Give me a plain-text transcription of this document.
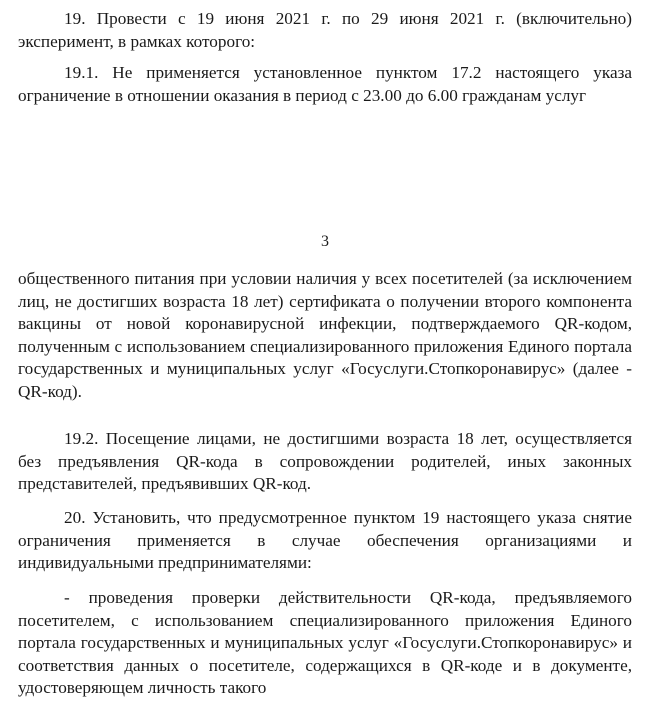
19. Провести с 19 июня 2021 г. по 29 июня 2021 г. (включительно) эксперимент, в рамках которого:

19.1. Не применяется установленное пунктом 17.2 настоящего указа ограничение в отношении оказания в период с 23.00 до 6.00 гражданам услуг

3

общественного питания при условии наличия у всех посетителей (за исключением лиц, не достигших возраста 18 лет) сертификата о получении второго компонента вакцины от новой коронавирусной инфекции, подтверждаемого QR-кодом, полученным с использованием специализированного приложения Единого портала государственных и муниципальных услуг «Госуслуги.Стопкоронавирус» (далее - QR-код).

19.2. Посещение лицами, не достигшими возраста 18 лет, осуществляется без предъявления QR-кода в сопровождении родителей, иных законных представителей, предъявивших QR-код.

20. Установить, что предусмотренное пунктом 19 настоящего указа снятие ограничения применяется в случае обеспечения организациями и индивидуальными предпринимателями:

- проведения проверки действительности QR-кода, предъявляемого посетителем, с использованием специализированного приложения Единого портала государственных и муниципальных услуг «Госуслуги.Стопкоронавирус» и соответствия данных о посетителе, содержащихся в QR-коде и в документе, удостоверяющем личность такого
